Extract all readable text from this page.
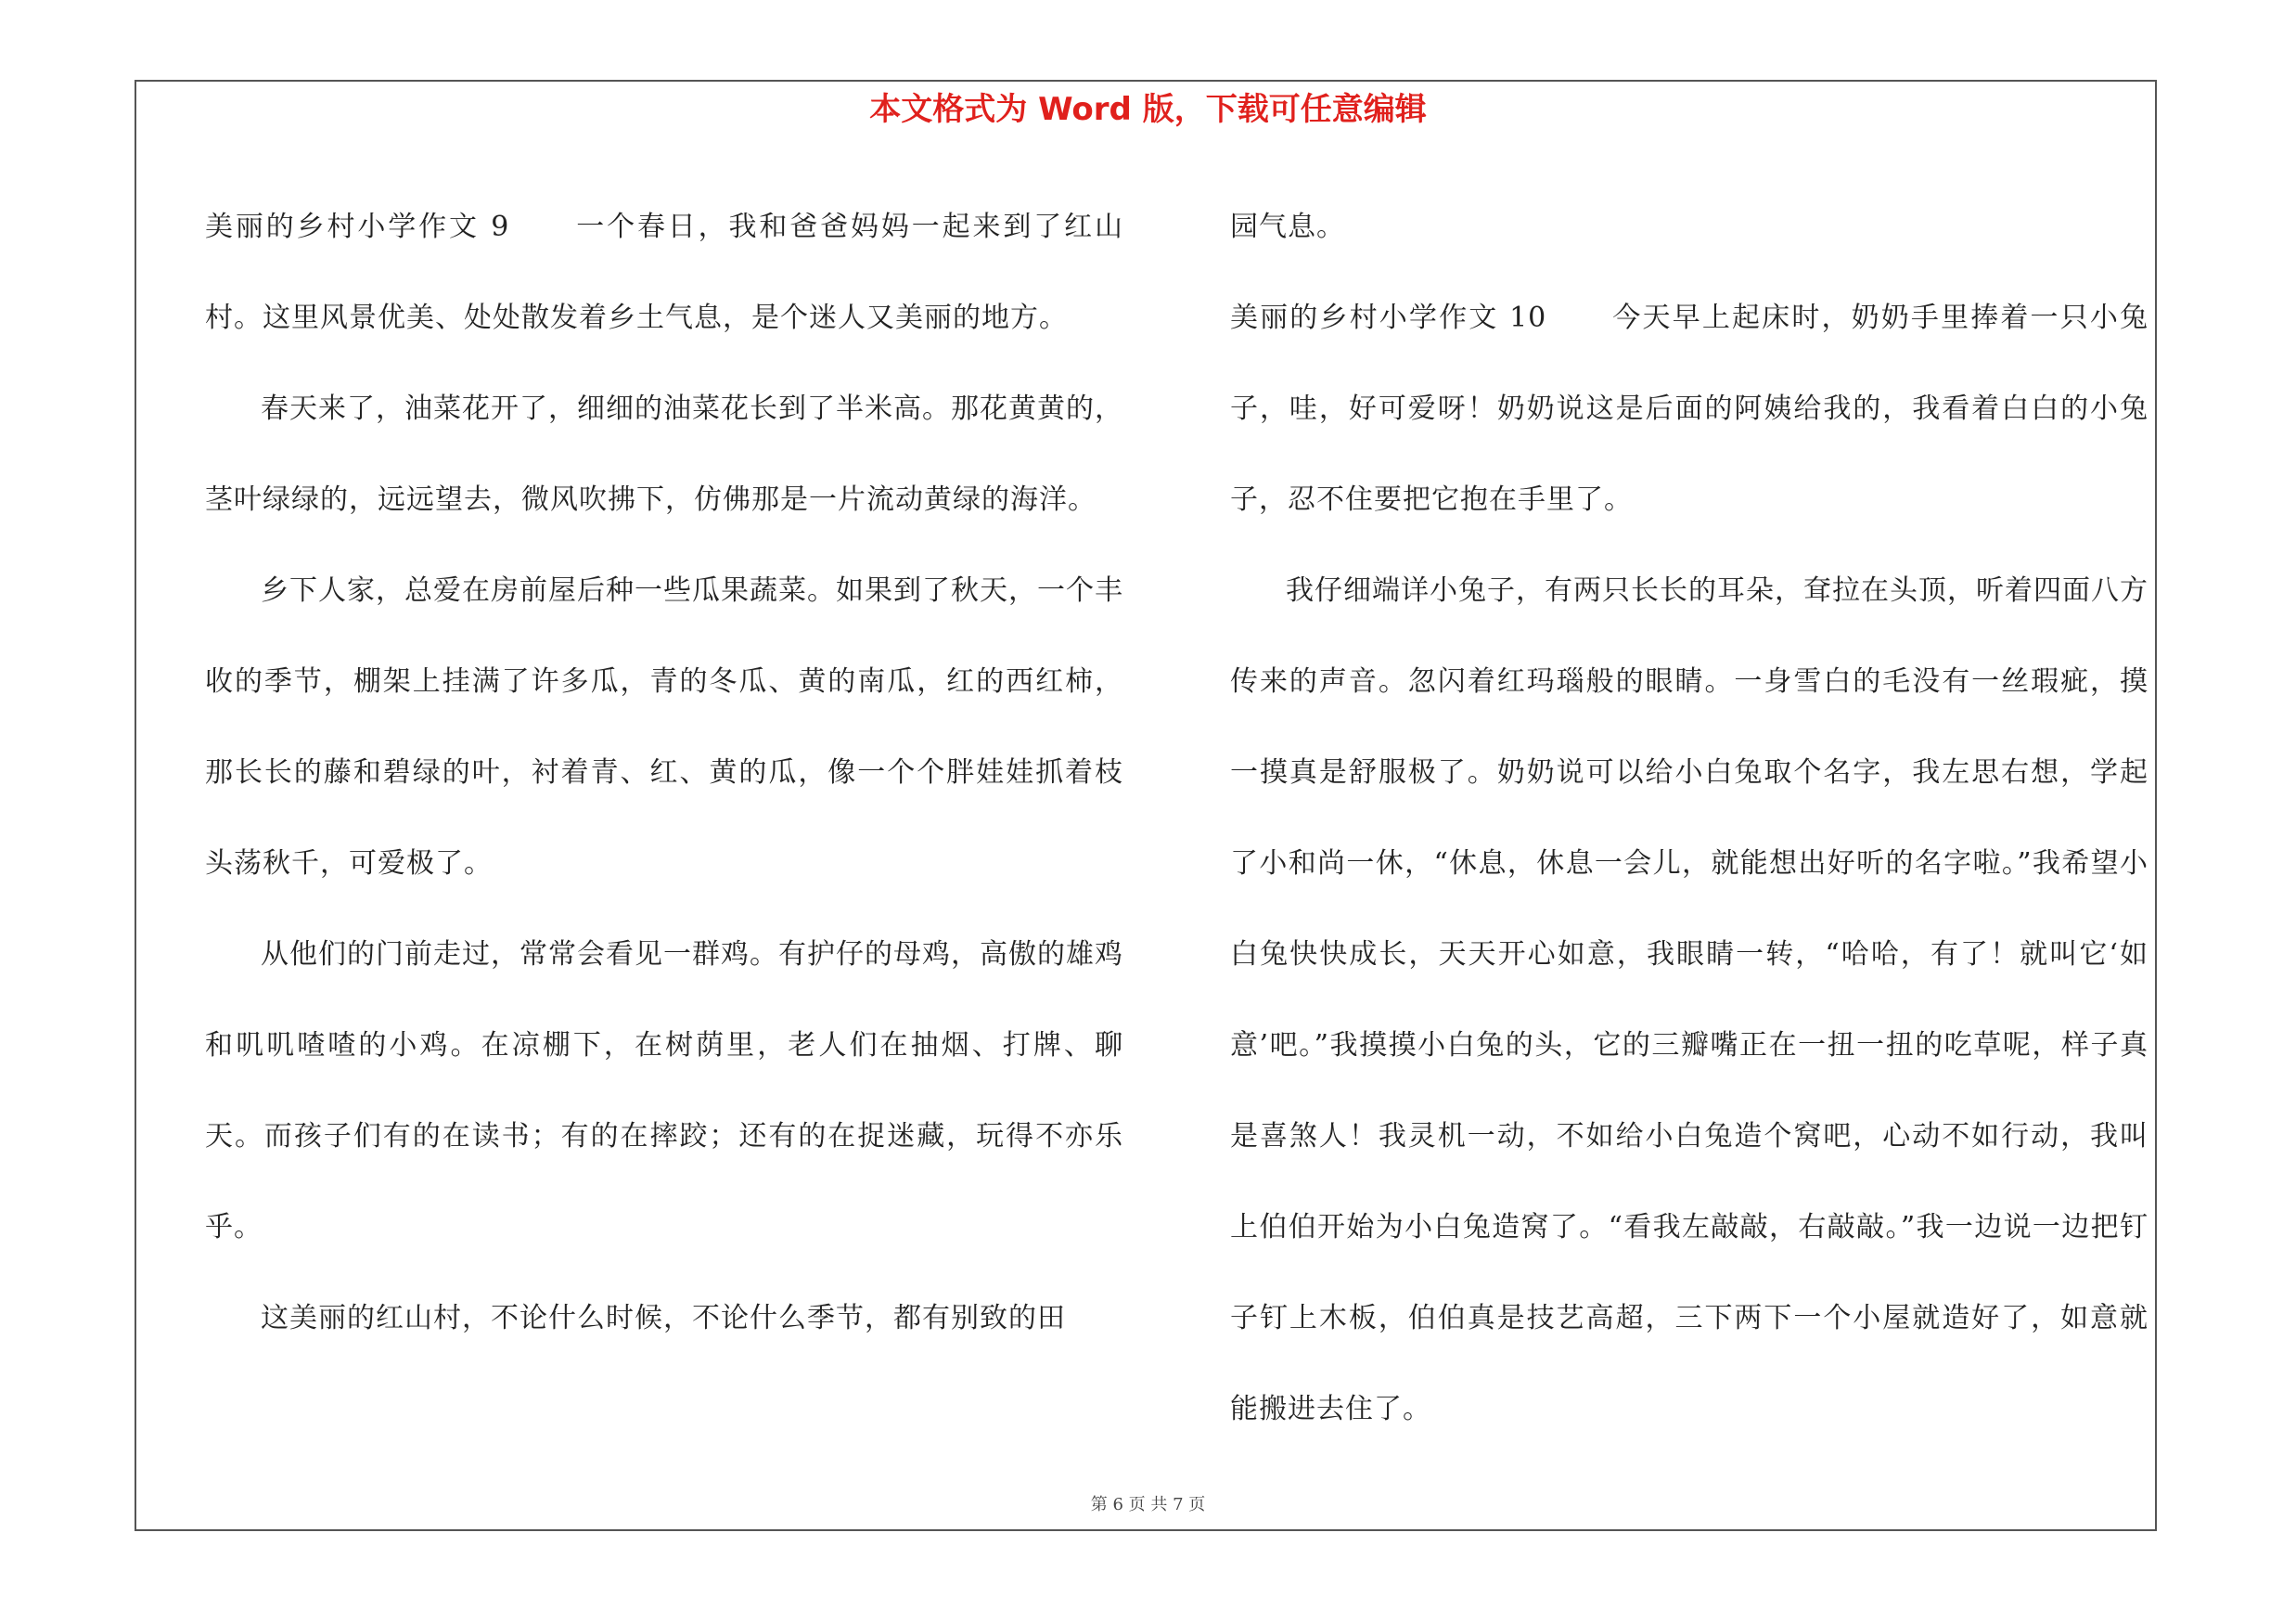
本文格式为 Word 版，下载可任意编辑

美丽的乡村小学作文 9 一个春日，我和爸爸妈妈一起来到了红山村。这里风景优美、处处散发着乡土气息，是个迷人又美丽的地方。

春天来了，油菜花开了，细细的油菜花长到了半米高。那花黄黄的，茎叶绿绿的，远远望去，微风吹拂下，仿佛那是一片流动黄绿的海洋。

乡下人家，总爱在房前屋后种一些瓜果蔬菜。如果到了秋天，一个丰收的季节，棚架上挂满了许多瓜，青的冬瓜、黄的南瓜，红的西红柿，那长长的藤和碧绿的叶，衬着青、红、黄的瓜，像一个个胖娃娃抓着枝头荡秋千，可爱极了。

从他们的门前走过，常常会看见一群鸡。有护仔的母鸡，高傲的雄鸡和叽叽喳喳的小鸡。在凉棚下，在树荫里，老人们在抽烟、打牌、聊天。而孩子们有的在读书；有的在摔跤；还有的在捉迷藏，玩得不亦乐乎。

这美丽的红山村，不论什么时候，不论什么季节，都有别致的田

园气息。

美丽的乡村小学作文 10 今天早上起床时，奶奶手里捧着一只小兔子，哇，好可爱呀！奶奶说这是后面的阿姨给我的，我看着白白的小兔子，忍不住要把它抱在手里了。

我仔细端详小兔子，有两只长长的耳朵，耷拉在头顶，听着四面八方传来的声音。忽闪着红玛瑙般的眼睛。一身雪白的毛没有一丝瑕疵，摸一摸真是舒服极了。奶奶说可以给小白兔取个名字，我左思右想，学起了小和尚一休，“休息，休息一会儿，就能想出好听的名字啦。”我希望小白兔快快成长，天天开心如意，我眼睛一转，“哈哈，有了！就叫它‘如意’吧。”我摸摸小白兔的头，它的三瓣嘴正在一扭一扭的吃草呢，样子真是喜煞人！我灵机一动，不如给小白兔造个窝吧，心动不如行动，我叫上伯伯开始为小白兔造窝了。“看我左敲敲，右敲敲。”我一边说一边把钉子钉上木板，伯伯真是技艺高超，三下两下一个小屋就造好了，如意就能搬进去住了。

第 6 页 共 7 页
